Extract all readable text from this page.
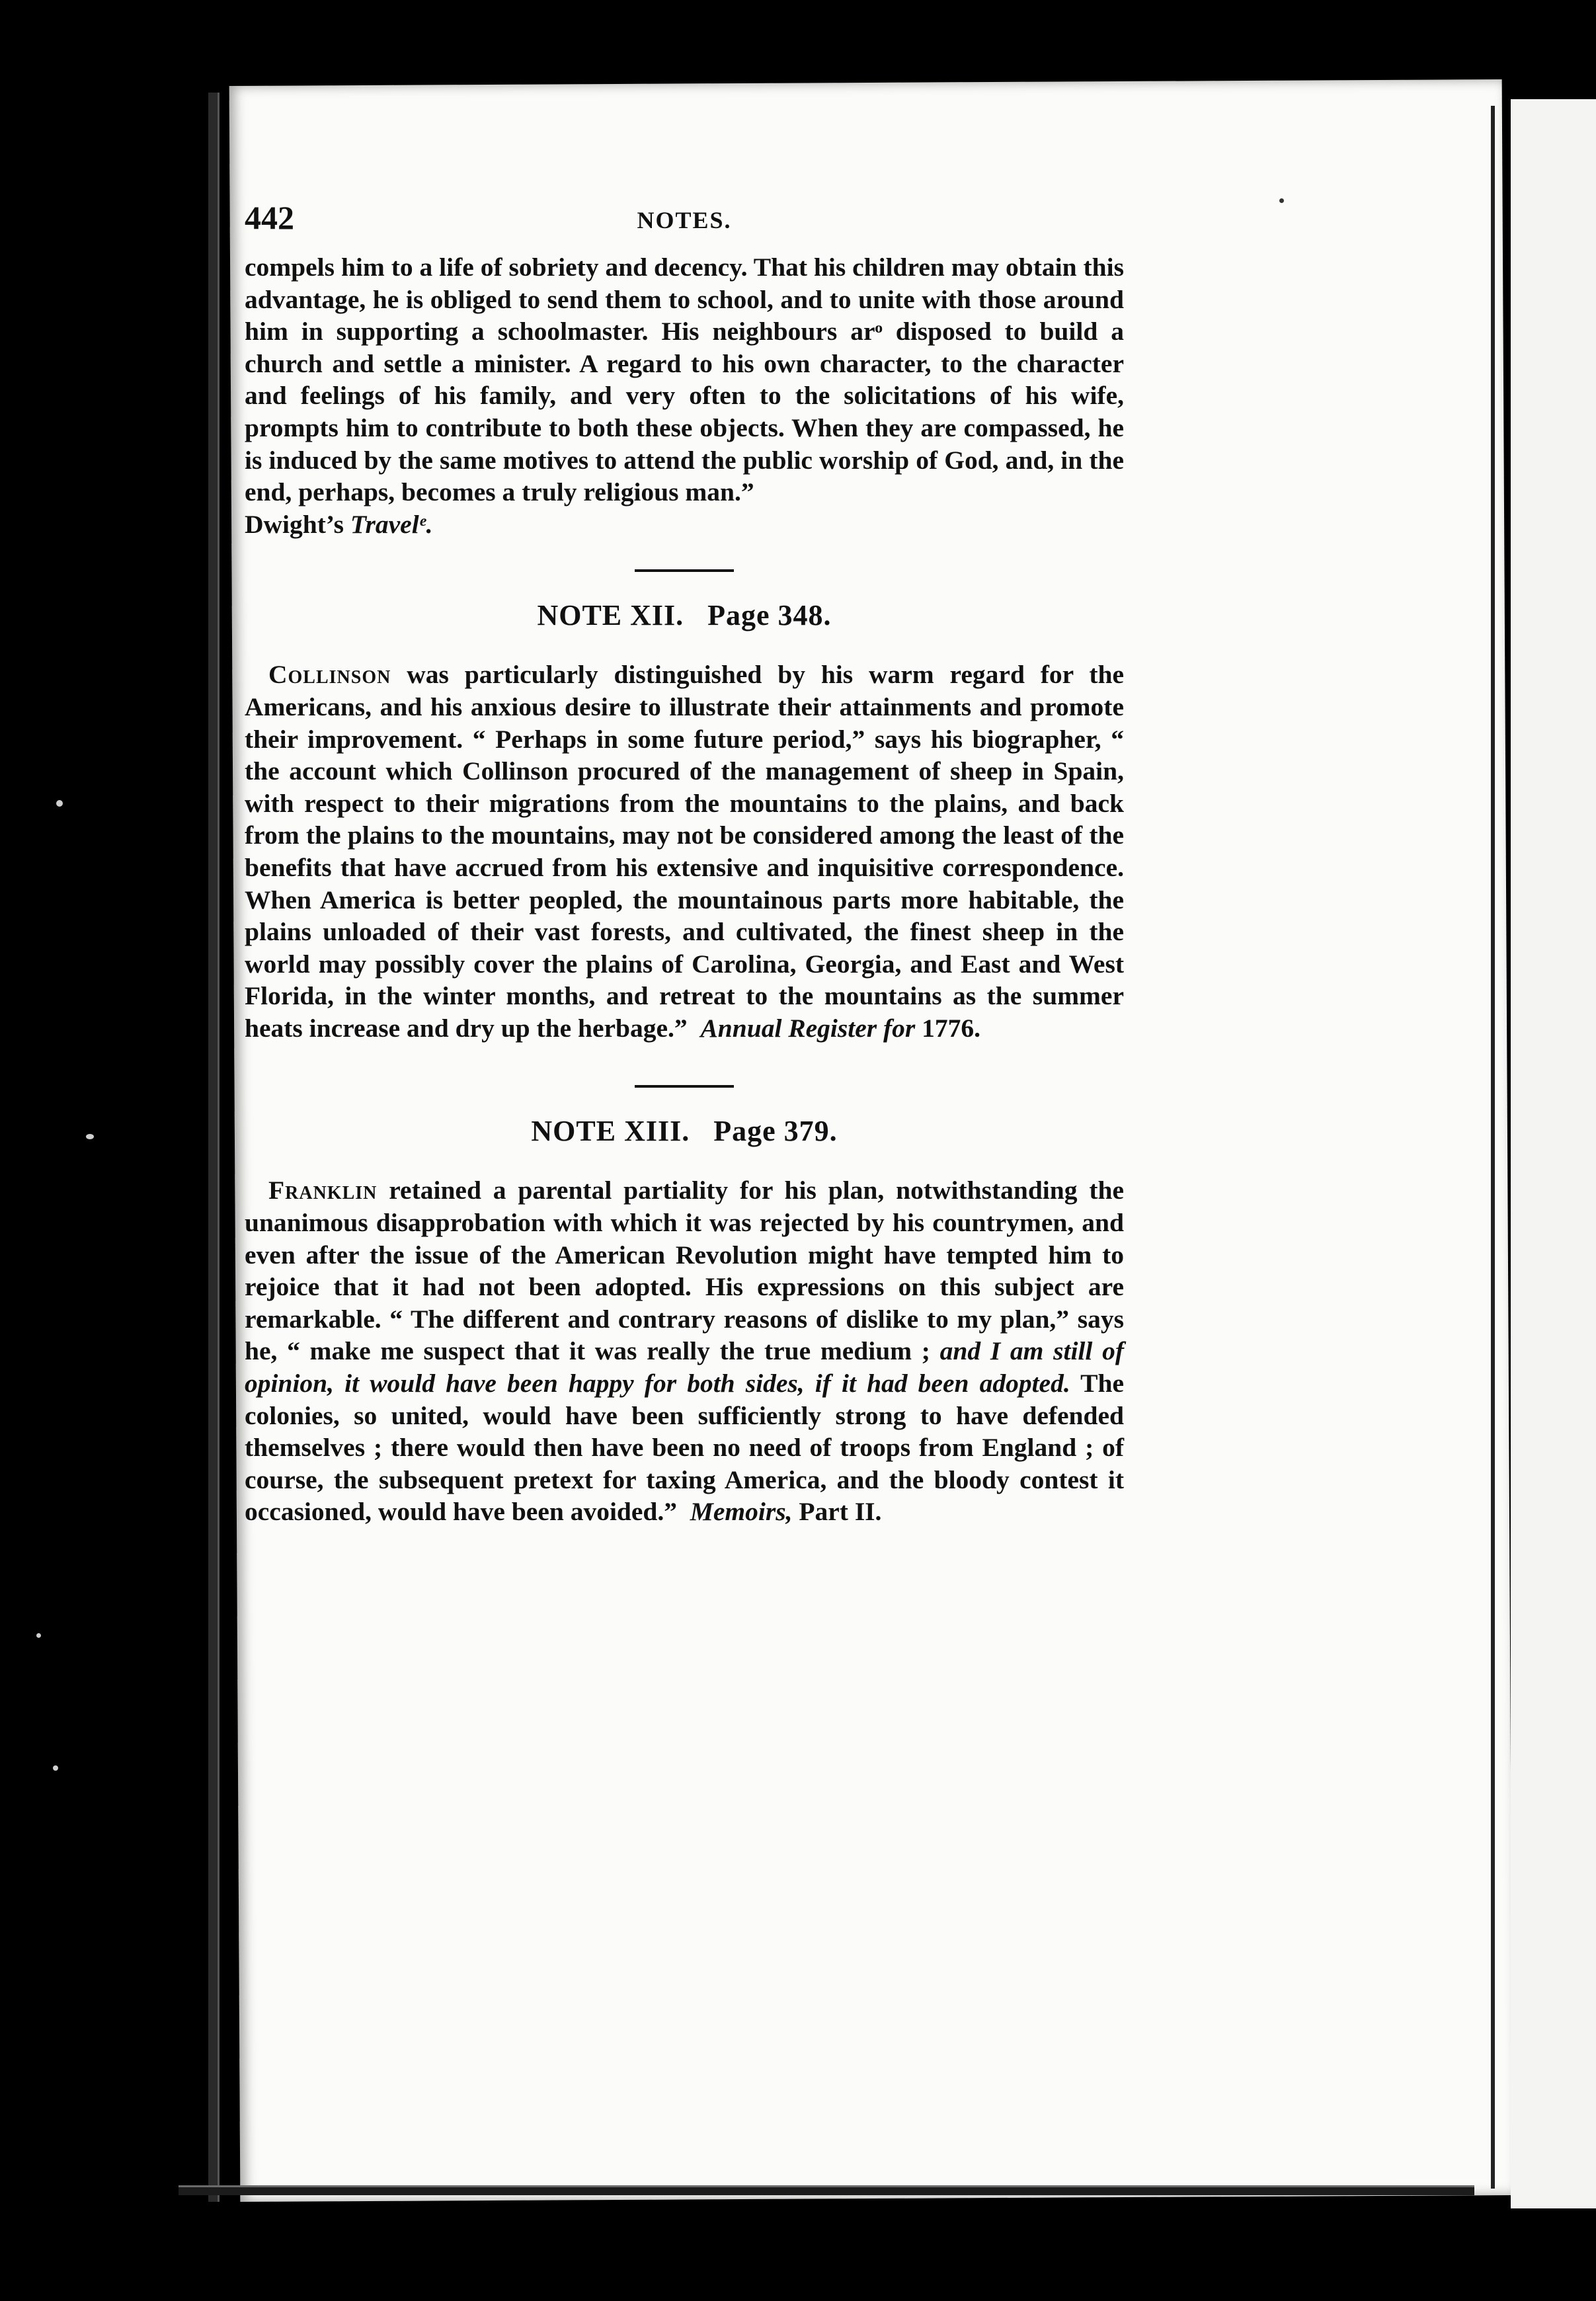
442	NOTES.

compels him to a life of sobriety and decency. That his children may obtain this advantage, he is obliged to send them to school, and to unite with those around him in supporting a schoolmaster. His neighbours arᵒ disposed to build a church and settle a minister. A regard to his own character, to the character and feelings of his family, and very often to the solicitations of his wife, prompts him to contribute to both these objects. When they are compassed, he is induced by the same motives to attend the public worship of God, and, in the end, perhaps, becomes a truly religious man.”
Dwight’s Travelᵉ.

NOTE XII.   Page 348.

Collinson was particularly distinguished by his warm regard for the Americans, and his anxious desire to illustrate their attainments and promote their improvement. “ Perhaps in some future period,” says his biographer, “ the account which Collinson procured of the management of sheep in Spain, with respect to their migrations from the mountains to the plains, and back from the plains to the mountains, may not be considered among the least of the benefits that have accrued from his extensive and inquisitive correspondence. When America is better peopled, the mountainous parts more habitable, the plains unloaded of their vast forests, and cultivated, the finest sheep in the world may possibly cover the plains of Carolina, Georgia, and East and West Florida, in the winter months, and retreat to the mountains as the summer heats increase and dry up the herbage.” Annual Register for 1776.

NOTE XIII.   Page 379.

Franklin retained a parental partiality for his plan, notwithstanding the unanimous disapprobation with which it was rejected by his countrymen, and even after the issue of the American Revolution might have tempted him to rejoice that it had not been adopted. His expressions on this subject are remarkable. “ The different and contrary reasons of dislike to my plan,” says he, “ make me suspect that it was really the true medium ; and I am still of opinion, it would have been happy for both sides, if it had been adopted. The colonies, so united, would have been sufficiently strong to have defended themselves ; there would then have been no need of troops from England ; of course, the subsequent pretext for taxing America, and the bloody contest it occasioned, would have been avoided.” Memoirs, Part II.
